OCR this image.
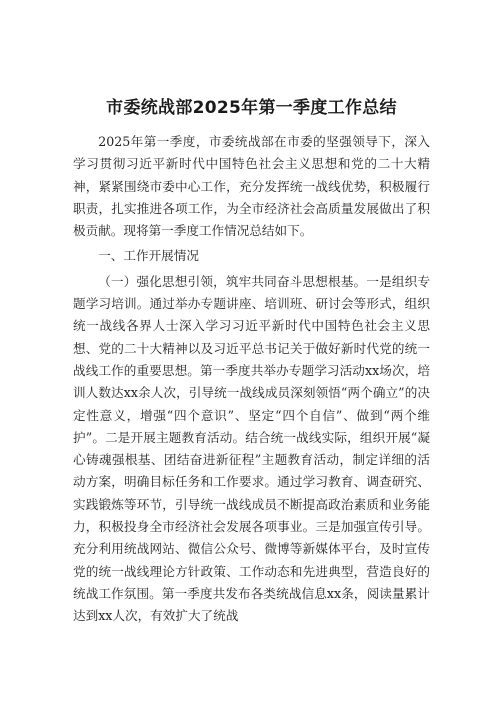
市委统战部2025年第一季度工作总结

2025年第一季度，市委统战部在市委的坚强领导下，深入学习贯彻习近平新时代中国特色社会主义思想和党的二十大精神，紧紧围绕市委中心工作，充分发挥统一战线优势，积极履行职责，扎实推进各项工作，为全市经济社会高质量发展做出了积极贡献。现将第一季度工作情况总结如下。

一、工作开展情况

（一）强化思想引领，筑牢共同奋斗思想根基。一是组织专题学习培训。通过举办专题讲座、培训班、研讨会等形式，组织统一战线各界人士深入学习习近平新时代中国特色社会主义思想、党的二十大精神以及习近平总书记关于做好新时代党的统一战线工作的重要思想。第一季度共举办专题学习活动xx场次，培训人数达xx余人次，引导统一战线成员深刻领悟“两个确立”的决定性意义，增强“四个意识”、坚定“四个自信”、做到“两个维护”。二是开展主题教育活动。结合统一战线实际，组织开展“凝心铸魂强根基、团结奋进新征程”主题教育活动，制定详细的活动方案，明确目标任务和工作要求。通过学习教育、调查研究、实践锻炼等环节，引导统一战线成员不断提高政治素质和业务能力，积极投身全市经济社会发展各项事业。三是加强宣传引导。充分利用统战网站、微信公众号、微博等新媒体平台，及时宣传党的统一战线理论方针政策、工作动态和先进典型，营造良好的统战工作氛围。第一季度共发布各类统战信息xx条，阅读量累计达到xx人次，有效扩大了统战
